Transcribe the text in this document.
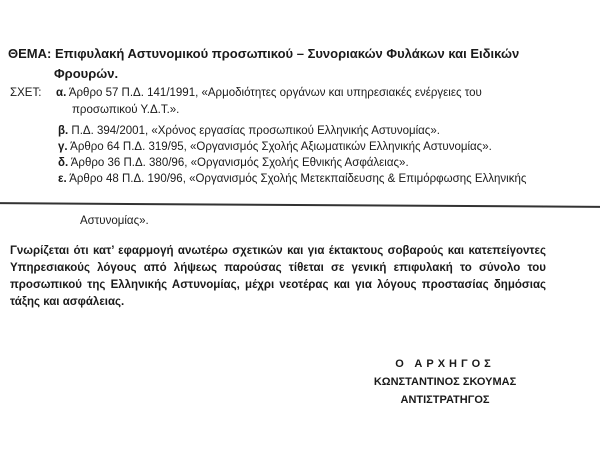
ΘΕΜΑ: Επιφυλακή Αστυνομικού προσωπικού – Συνοριακών Φυλάκων και Ειδικών
Φρουρών.
ΣΧΕΤ: α. Άρθρο 57 Π.Δ. 141/1991, «Αρμοδιότητες οργάνων και υπηρεσιακές ενέργειες του
προσωπικού Υ.Δ.Τ.».
β. Π.Δ. 394/2001, «Χρόνος εργασίας προσωπικού Ελληνικής Αστυνομίας».
γ. Άρθρο 64 Π.Δ. 319/95, «Οργανισμός Σχολής Αξιωματικών Ελληνικής Αστυνομίας».
δ. Άρθρο 36 Π.Δ. 380/96, «Οργανισμός Σχολής Εθνικής Ασφάλειας».
ε. Άρθρο 48 Π.Δ. 190/96, «Οργανισμός Σχολής Μετεκπαίδευσης & Επιμόρφωσης Ελληνικής
Αστυνομίας».
Γνωρίζεται ότι κατ’ εφαρμογή ανωτέρω σχετικών και για έκτακτους σοβαρούς και κατεπείγοντες Υπηρεσιακούς λόγους από λήψεως παρούσας τίθεται σε γενική επιφυλακή το σύνολο του προσωπικού της Ελληνικής Αστυνομίας, μέχρι νεοτέρας και για λόγους προστασίας δημόσιας τάξης και ασφάλειας.
Ο ΑΡΧΗΓΟΣ
ΚΩΝΣΤΑΝΤΙΝΟΣ ΣΚΟΥΜΑΣ
ΑΝΤΙΣΤΡΑΤΗΓΟΣ
